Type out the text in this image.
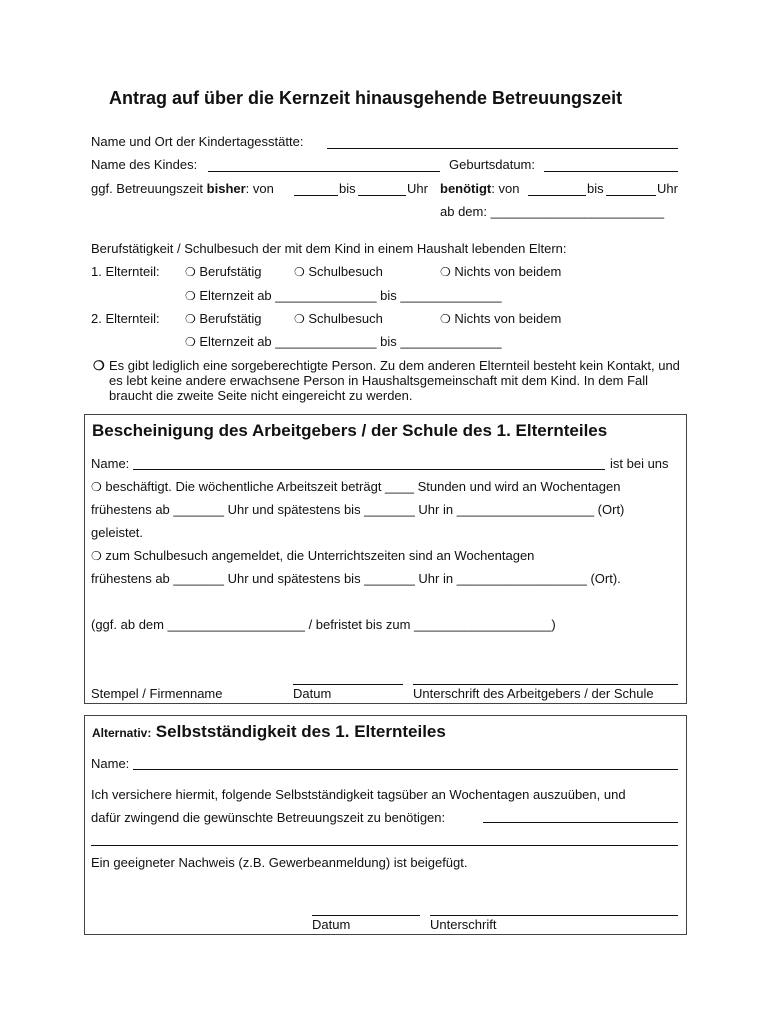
Antrag auf über die Kernzeit hinausgehende Betreuungszeit
Name und Ort der Kindertagesstätte:
Name des Kindes:	Geburtsdatum:
ggf. Betreuungszeit bisher: von	bis	Uhr benötigt: von	bis	Uhr
ab dem: ________________________
Berufstätigkeit / Schulbesuch der mit dem Kind in einem Haushalt lebenden Eltern:
1. Elternteil: ❍ Berufstätig	❍ Schulbesuch	❍ Nichts von beidem
❍ Elternzeit ab ______________ bis ______________
2. Elternteil: ❍ Berufstätig	❍ Schulbesuch	❍ Nichts von beidem
❍ Elternzeit ab ______________ bis ______________
❍ Es gibt lediglich eine sorgeberechtigte Person. Zu dem anderen Elternteil besteht kein Kontakt, und es lebt keine andere erwachsene Person in Haushaltsgemeinschaft mit dem Kind. In dem Fall braucht die zweite Seite nicht eingereicht zu werden.
Bescheinigung des Arbeitgebers / der Schule des 1. Elternteiles
Name:	ist bei uns
❍ beschäftigt. Die wöchentliche Arbeitszeit beträgt ____ Stunden und wird an Wochentagen
frühestens ab _______ Uhr und spätestens bis _______ Uhr in ___________________ (Ort)
geleistet.
❍ zum Schulbesuch angemeldet, die Unterrichtszeiten sind an Wochentagen
frühestens ab _______ Uhr und spätestens bis _______ Uhr in __________________ (Ort).
(ggf. ab dem ___________________ / befristet bis zum ___________________)
Stempel / Firmenname	Datum	Unterschrift des Arbeitgebers / der Schule
Alternativ: Selbstständigkeit des 1. Elternteiles
Name:
Ich versichere hiermit, folgende Selbstständigkeit tagsüber an Wochentagen auszuüben, und
dafür zwingend die gewünschte Betreuungszeit zu benötigen:
Ein geeigneter Nachweis (z.B. Gewerbeanmeldung) ist beigefügt.
Datum	Unterschrift
